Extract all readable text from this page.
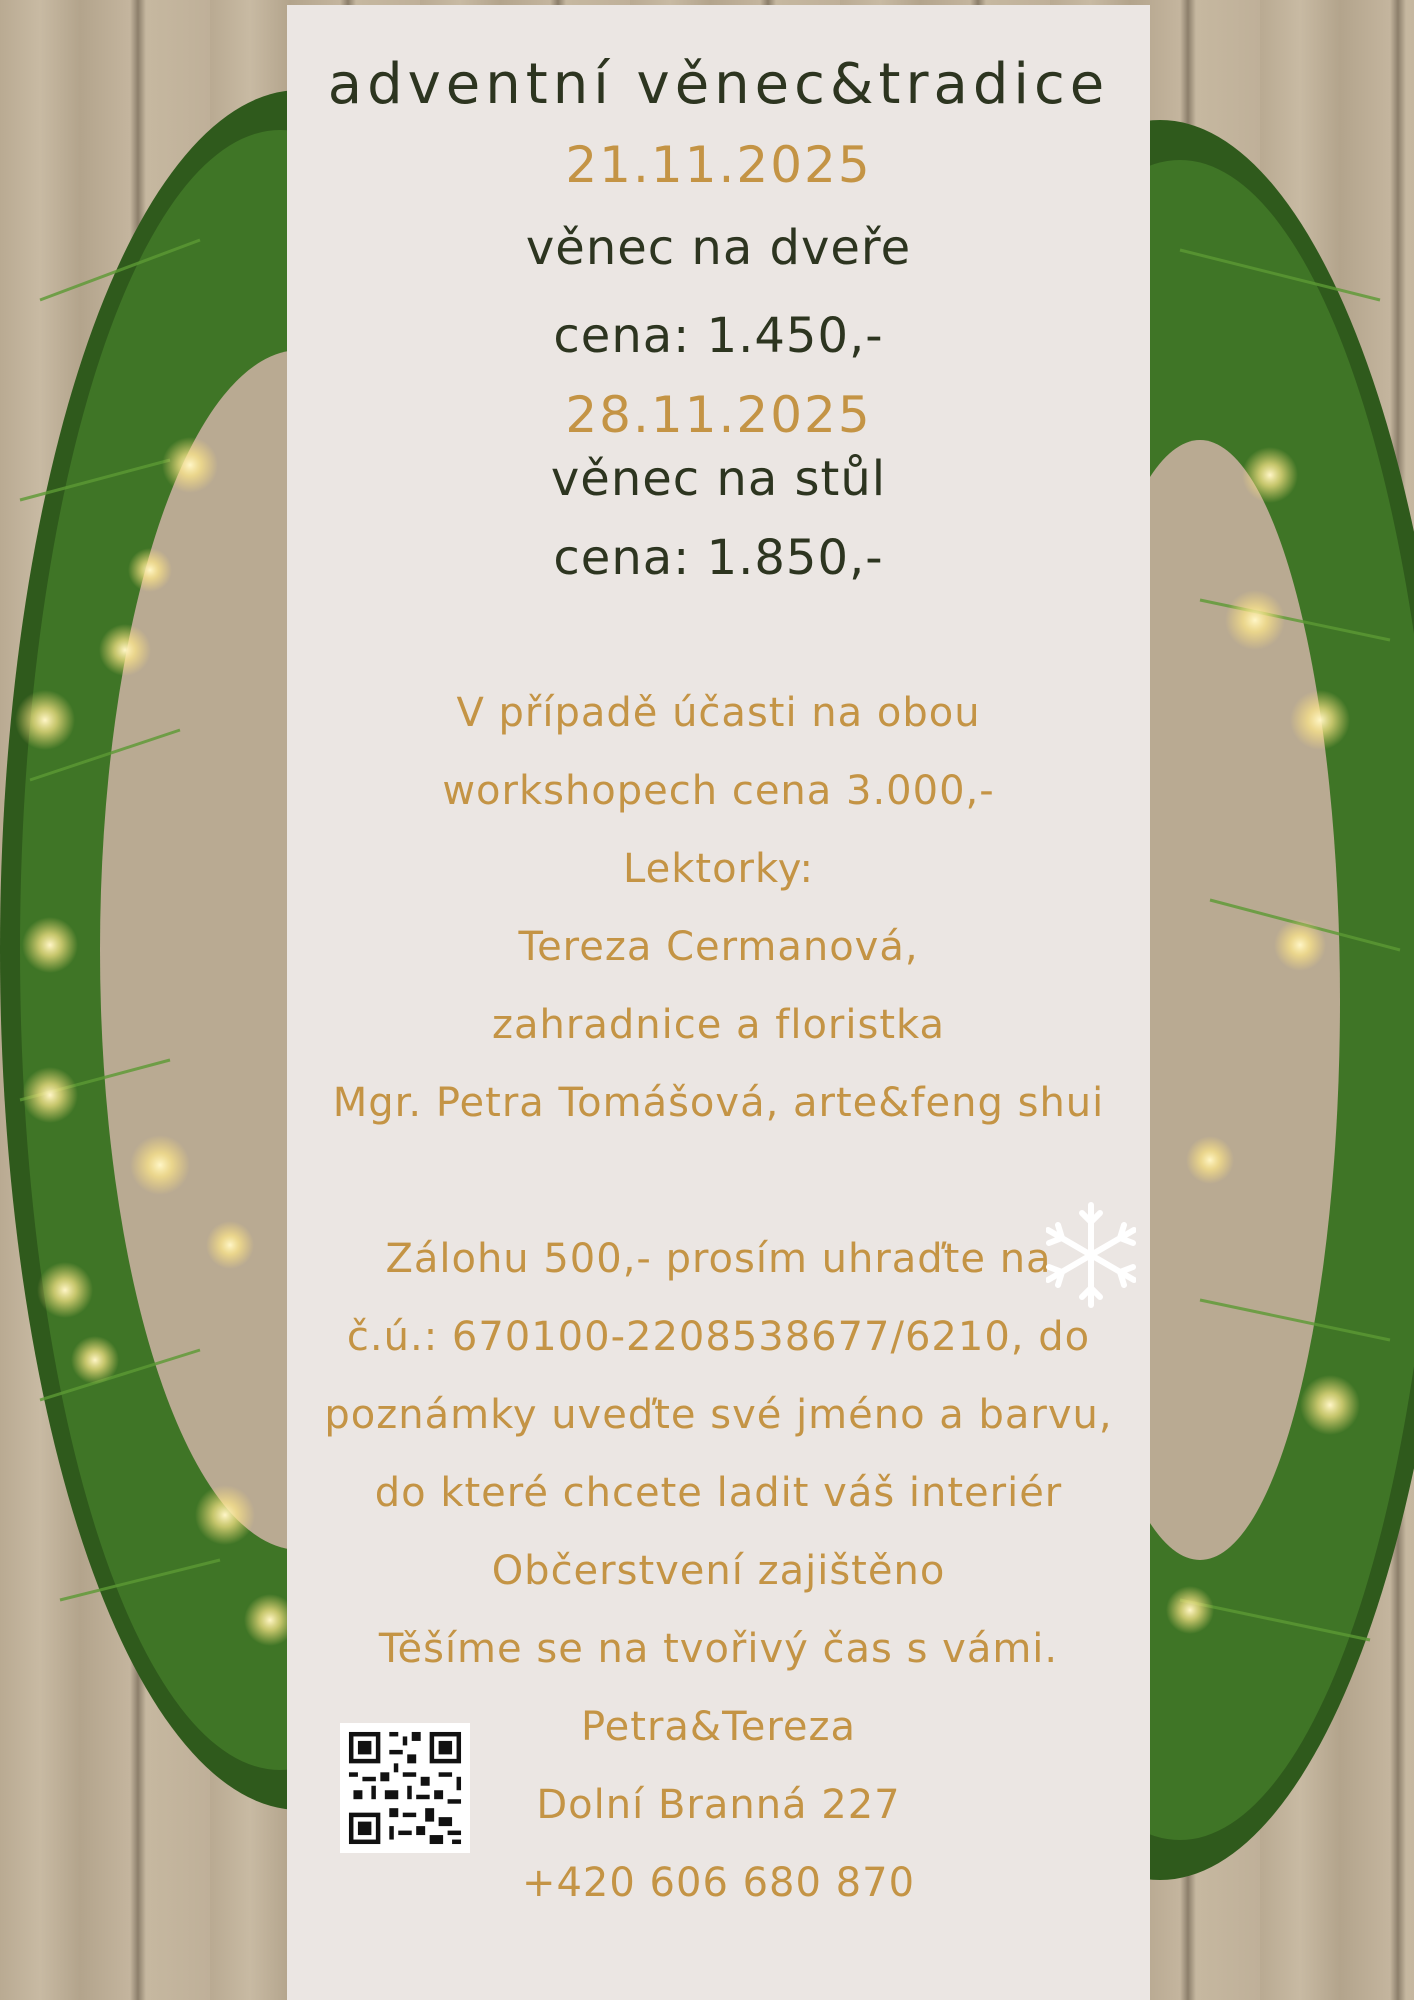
adventní věnec&tradice
21.11.2025
věnec na dveře
cena: 1.450,-
28.11.2025
věnec na stůl
cena: 1.850,-
V případě účasti na obou
workshopech cena 3.000,-
Lektorky:
Tereza Cermanová,
zahradnice a floristka
Mgr. Petra Tomášová, arte&feng shui
Zálohu 500,- prosím uhraďte na
č.ú.: 670100-2208538677/6210, do
poznámky uveďte své jméno a barvu,
do které chcete ladit váš interiér
Občerstvení zajištěno
Těšíme se na tvořivý čas s vámi.
Petra&Tereza
Dolní Branná 227
+420 606 680 870
